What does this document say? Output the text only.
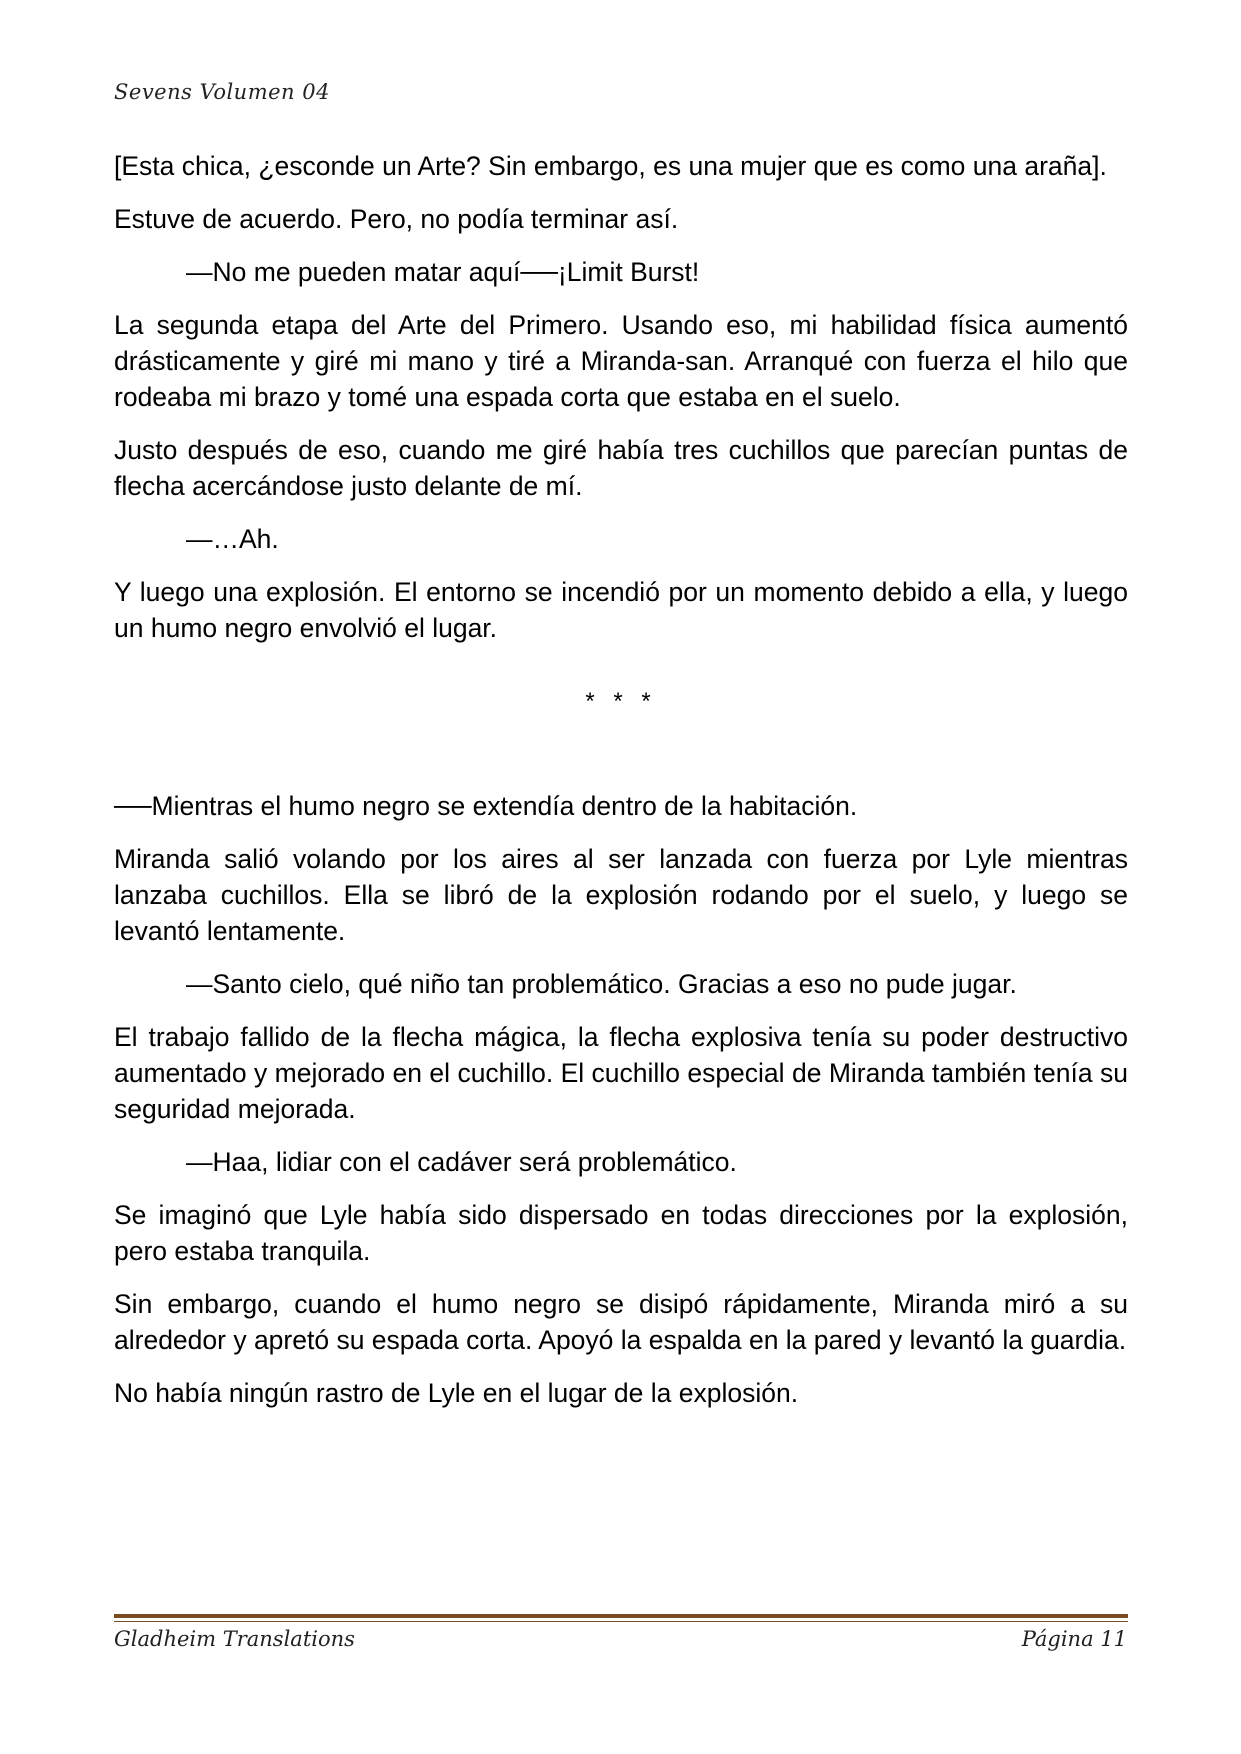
Sevens Volumen 04

[Esta chica, ¿esconde un Arte? Sin embargo, es una mujer que es como una araña].

Estuve de acuerdo. Pero, no podía terminar así.

—No me pueden matar aquí──¡Limit Burst!

La segunda etapa del Arte del Primero. Usando eso, mi habilidad física aumentó drásticamente y giré mi mano y tiré a Miranda-san. Arranqué con fuerza el hilo que rodeaba mi brazo y tomé una espada corta que estaba en el suelo.

Justo después de eso, cuando me giré había tres cuchillos que parecían puntas de flecha acercándose justo delante de mí.

—…Ah.

Y luego una explosión. El entorno se incendió por un momento debido a ella, y luego un humo negro envolvió el lugar.

* * *

──Mientras el humo negro se extendía dentro de la habitación.

Miranda salió volando por los aires al ser lanzada con fuerza por Lyle mientras lanzaba cuchillos. Ella se libró de la explosión rodando por el suelo, y luego se levantó lentamente.

—Santo cielo, qué niño tan problemático. Gracias a eso no pude jugar.

El trabajo fallido de la flecha mágica, la flecha explosiva tenía su poder destructivo aumentado y mejorado en el cuchillo. El cuchillo especial de Miranda también tenía su seguridad mejorada.

—Haa, lidiar con el cadáver será problemático.

Se imaginó que Lyle había sido dispersado en todas direcciones por la explosión, pero estaba tranquila.

Sin embargo, cuando el humo negro se disipó rápidamente, Miranda miró a su alrededor y apretó su espada corta. Apoyó la espalda en la pared y levantó la guardia.

No había ningún rastro de Lyle en el lugar de la explosión.

Gladheim Translations	Página 11
